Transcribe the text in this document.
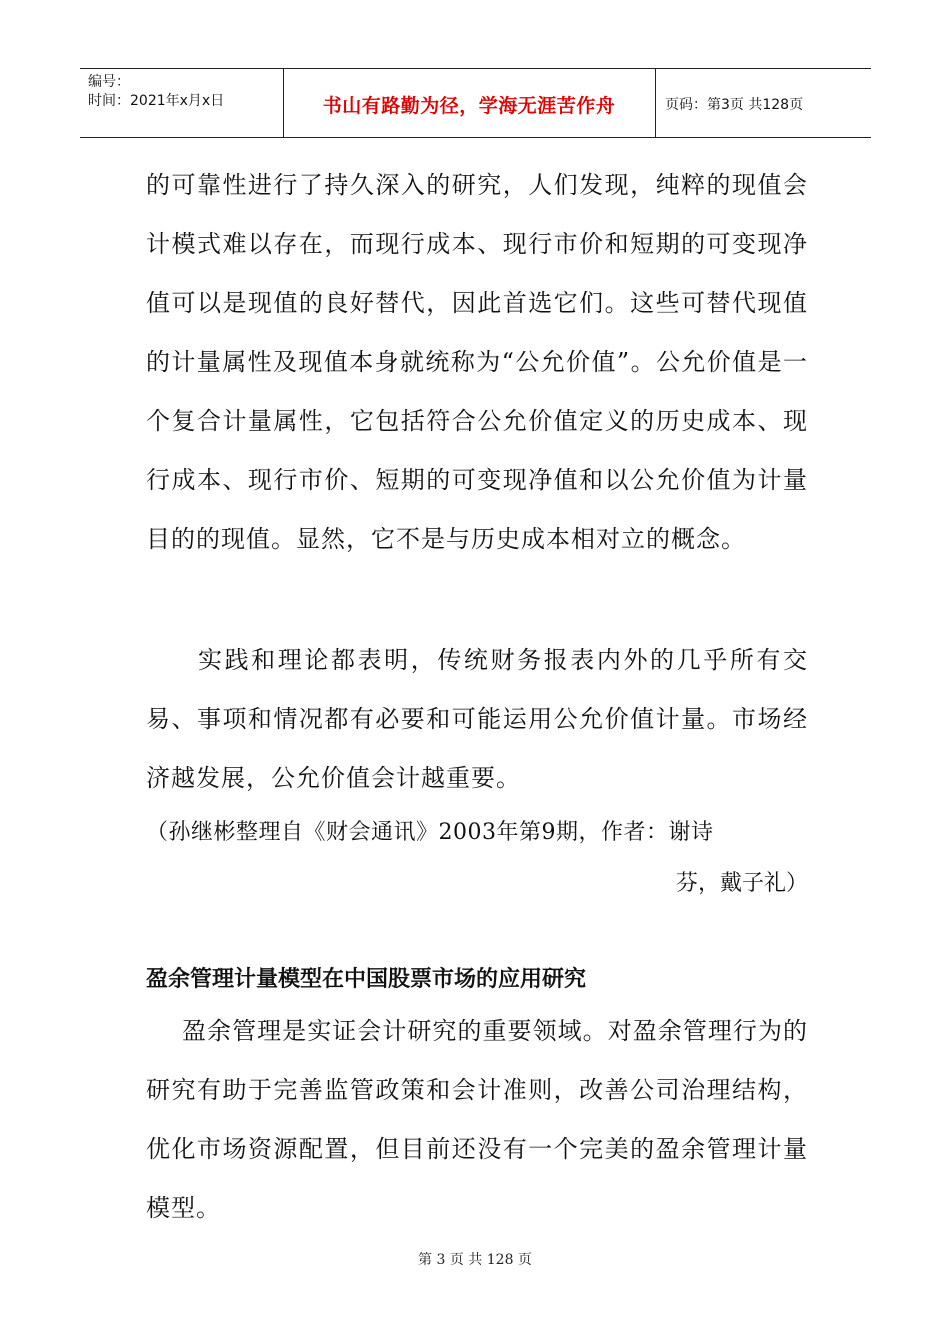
编号：
时间：2021年x月x日	书山有路勤为径，学海无涯苦作舟	页码：第3页 共128页

的可靠性进行了持久深入的研究，人们发现，纯粹的现值会计模式难以存在，而现行成本、现行市价和短期的可变现净值可以是现值的良好替代，因此首选它们。这些可替代现值的计量属性及现值本身就统称为“公允价值”。公允价值是一个复合计量属性，它包括符合公允价值定义的历史成本、现行成本、现行市价、短期的可变现净值和以公允价值为计量目的的现值。显然，它不是与历史成本相对立的概念。

实践和理论都表明，传统财务报表内外的几乎所有交易、事项和情况都有必要和可能运用公允价值计量。市场经济越发展，公允价值会计越重要。

（孙继彬整理自《财会通讯》2003年第9期，作者：谢诗

芬，戴子礼）

盈余管理计量模型在中国股票市场的应用研究

盈余管理是实证会计研究的重要领域。对盈余管理行为的研究有助于完善监管政策和会计准则，改善公司治理结构，优化市场资源配置，但目前还没有一个完美的盈余管理计量模型。

第 3 页 共 128 页
